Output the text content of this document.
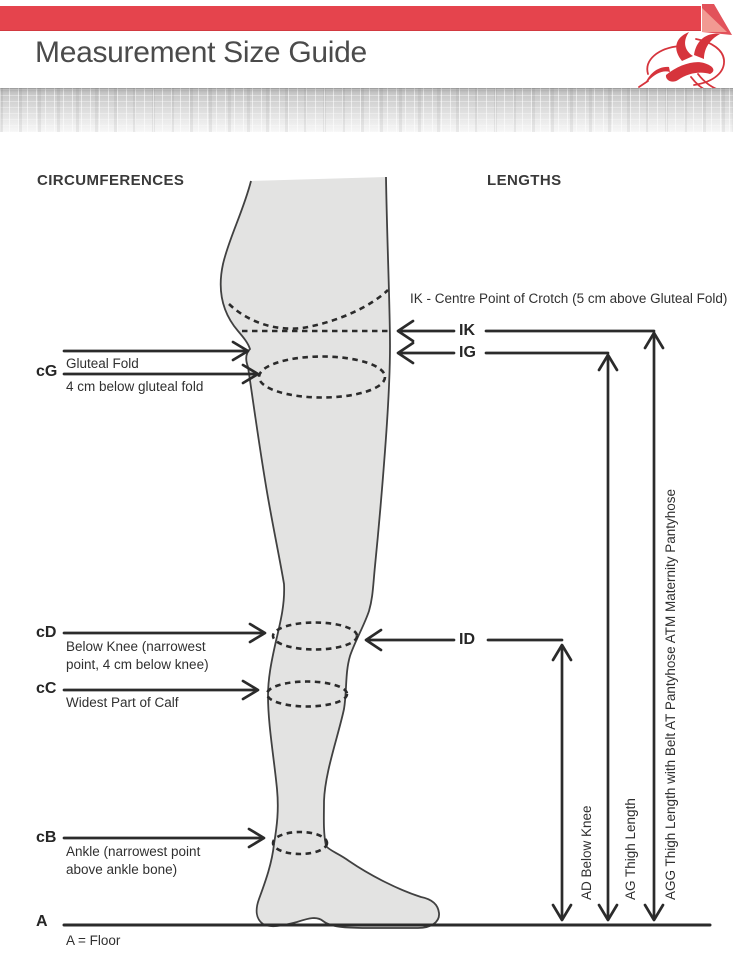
Measurement Size Guide
CIRCUMFERENCES	LENGTHS
cG Gluteal Fold
4 cm below gluteal fold
cD
Below Knee (narrowest
point, 4 cm below knee)
cC
Widest Part of Calf
cB
Ankle (narrowest point
above ankle bone)
A
A = Floor
IK - Centre Point of Crotch (5 cm above Gluteal Fold)
IK
IG
ID
AD Below Knee AG Thigh Length AGG Thigh Length with Belt AT Pantyhose ATM Maternity Pantyhose
